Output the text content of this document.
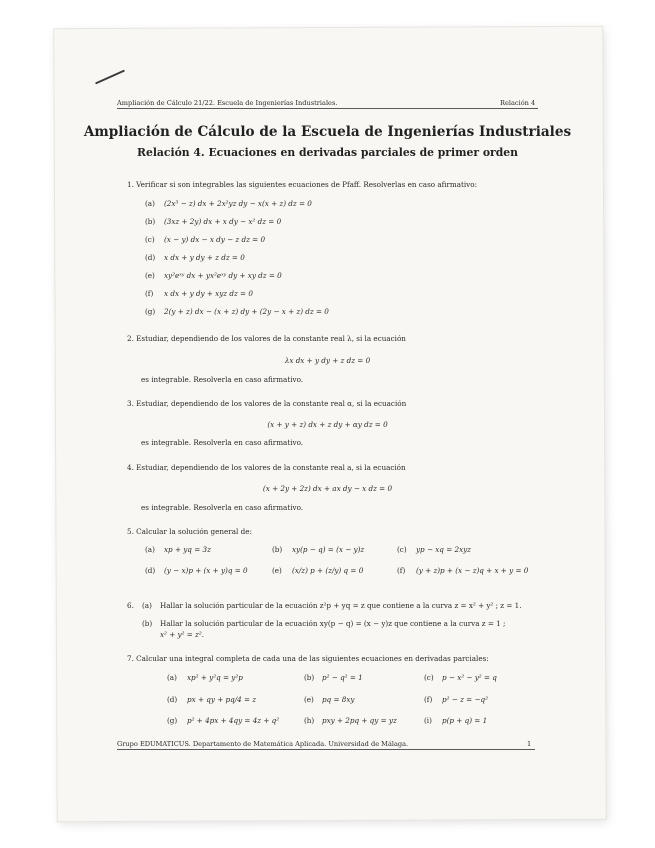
Ampliación de Cálculo 21/22. Escuela de Ingenierías Industriales.	Relación 4
Ampliación de Cálculo de la Escuela de Ingenierías Industriales
Relación 4. Ecuaciones en derivadas parciales de primer orden
1. Verificar si son integrables las siguientes ecuaciones de Pfaff. Resolverlas en caso afirmativo:
(a) (2x³ − z) dx + 2x²yz dy − x(x + z) dz = 0
(b) (3xz + 2y) dx + x dy − x² dz = 0
(c) (x − y) dx − x dy − z dz = 0
(d) x dx + y dy + z dz = 0
(e) xy²eˣʸ dx + yx²eˣʸ dy + xy dz = 0
(f) x dx + y dy + xyz dz = 0
(g) 2(y + z) dx − (x + z) dy + (2y − x + z) dz = 0
2. Estudiar, dependiendo de los valores de la constante real λ, si la ecuación
λx dx + y dy + z dz = 0
es integrable. Resolverla en caso afirmativo.
3. Estudiar, dependiendo de los valores de la constante real α, si la ecuación
(x + y + z) dx + z dy + αy dz = 0
es integrable. Resolverla en caso afirmativo.
4. Estudiar, dependiendo de los valores de la constante real a, si la ecuación
(x + 2y + 2z) dx + ax dy − x dz = 0
es integrable. Resolverla en caso afirmativo.
5. Calcular la solución general de:
(a) xp + yq = 3z	(b) xy(p − q) = (x − y)z	(c) yp − xq = 2xyz
(d) (y − x)p + (x + y)q = 0	(e) (x/z) p + (z/y) q = 0	(f) (y + z)p + (x − z)q + x + y = 0
6. (a) Hallar la solución particular de la ecuación z²p + yq = z que contiene a la curva z = x² + y² ; z = 1.
(b) Hallar la solución particular de la ecuación xy(p − q) = (x − y)z que contiene a la curva z = 1 ;
x² + y² = z².
7. Calcular una integral completa de cada una de las siguientes ecuaciones en derivadas parciales:
(a) xp² + y²q = y²p	(b) p² − q² = 1	(c) p − x² − y² = q
(d) px + qy + pq/4 = z	(e) pq = 8xy	(f) p² − z = −q²
(g) p² + 4px + 4qy = 4z + q²	(h) pxy + 2pq + qy = yz	(i) p(p + q) = 1
Grupo EDUMATICUS. Departamento de Matemática Aplicada. Universidad de Málaga.	1
